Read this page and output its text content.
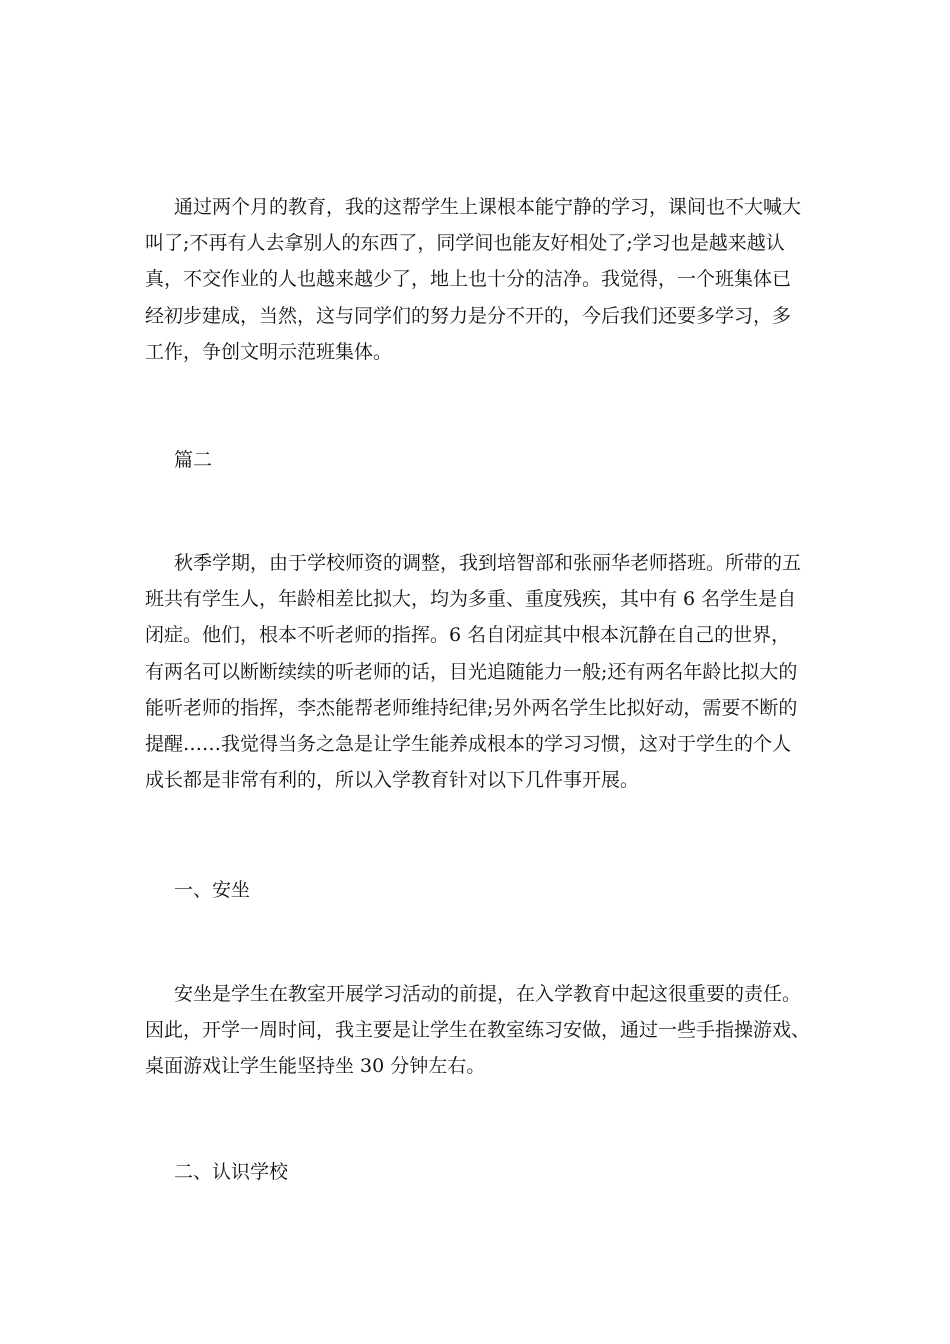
通过两个月的教育，我的这帮学生上课根本能宁静的学习，课间也不大喊大
叫了;不再有人去拿别人的东西了，同学间也能友好相处了;学习也是越来越认
真，不交作业的人也越来越少了，地上也十分的洁净。我觉得，一个班集体已
经初步建成，当然，这与同学们的努力是分不开的，今后我们还要多学习，多
工作，争创文明示范班集体。
篇二
秋季学期，由于学校师资的调整，我到培智部和张丽华老师搭班。所带的五
班共有学生人，年龄相差比拟大，均为多重、重度残疾，其中有 6 名学生是自
闭症。他们，根本不听老师的指挥。6 名自闭症其中根本沉静在自己的世界，
有两名可以断断续续的听老师的话，目光追随能力一般;还有两名年龄比拟大的
能听老师的指挥，李杰能帮老师维持纪律;另外两名学生比拟好动，需要不断的
提醒……我觉得当务之急是让学生能养成根本的学习习惯，这对于学生的个人
成长都是非常有利的，所以入学教育针对以下几件事开展。
一、安坐
安坐是学生在教室开展学习活动的前提，在入学教育中起这很重要的责任。
因此，开学一周时间，我主要是让学生在教室练习安做，通过一些手指操游戏、
桌面游戏让学生能坚持坐 30 分钟左右。
二、认识学校
